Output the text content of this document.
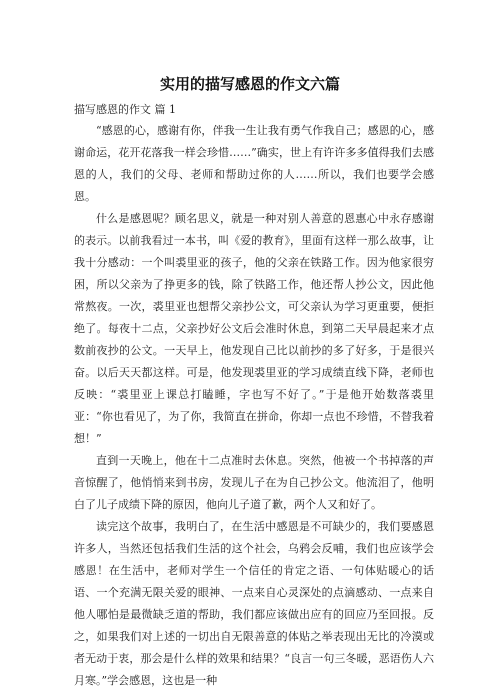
实用的描写感恩的作文六篇
描写感恩的作文 篇 1

“感恩的心，感谢有你，伴我一生让我有勇气作我自己；感恩的心，感谢命运，花开花落我一样会珍惜……”确实，世上有许许多多值得我们去感恩的人，我们的父母、老师和帮助过你的人……所以，我们也要学会感恩。

什么是感恩呢？顾名思义，就是一种对别人善意的恩惠心中永存感谢的表示。以前我看过一本书，叫《爱的教育》，里面有这样一那么故事，让我十分感动：一个叫裘里亚的孩子，他的父亲在铁路工作。因为他家很穷困，所以父亲为了挣更多的钱，除了铁路工作，他还帮人抄公文，因此他常熬夜。一次，裘里亚也想帮父亲抄公文，可父亲认为学习更重要，便拒绝了。每夜十二点，父亲抄好公文后会准时休息，到第二天早晨起来才点数前夜抄的公文。一天早上，他发现自己比以前抄的多了好多，于是很兴奋。以后天天都这样。可是，他发现裘里亚的学习成绩直线下降，老师也反映：“裘里亚上课总打瞌睡，字也写不好了。”于是他开始数落裘里亚：“你也看见了，为了你，我简直在拼命，你却一点也不珍惜，不替我着想！”

直到一天晚上，他在十二点准时去休息。突然，他被一个书掉落的声音惊醒了，他悄悄来到书房，发现儿子在为自己抄公文。他流泪了，他明白了儿子成绩下降的原因，他向儿子道了歉，两个人又和好了。

读完这个故事，我明白了，在生活中感恩是不可缺少的，我们要感恩许多人，当然还包括我们生活的这个社会，乌鸦会反哺，我们也应该学会感恩！在生活中，老师对学生一个信任的肯定之语、一句体贴暖心的话语、一个充满无限关爱的眼神、一点来自心灵深处的点滴感动、一点来自他人哪怕是最微缺乏道的帮助，我们都应该做出应有的回应乃至回报。反之，如果我们对上述的一切出自无限善意的体贴之举表现出无比的冷漠或者无动于衷，那会是什么样的效果和结果？“良言一句三冬暖，恶语伤人六月寒。”学会感恩，这也是一种
